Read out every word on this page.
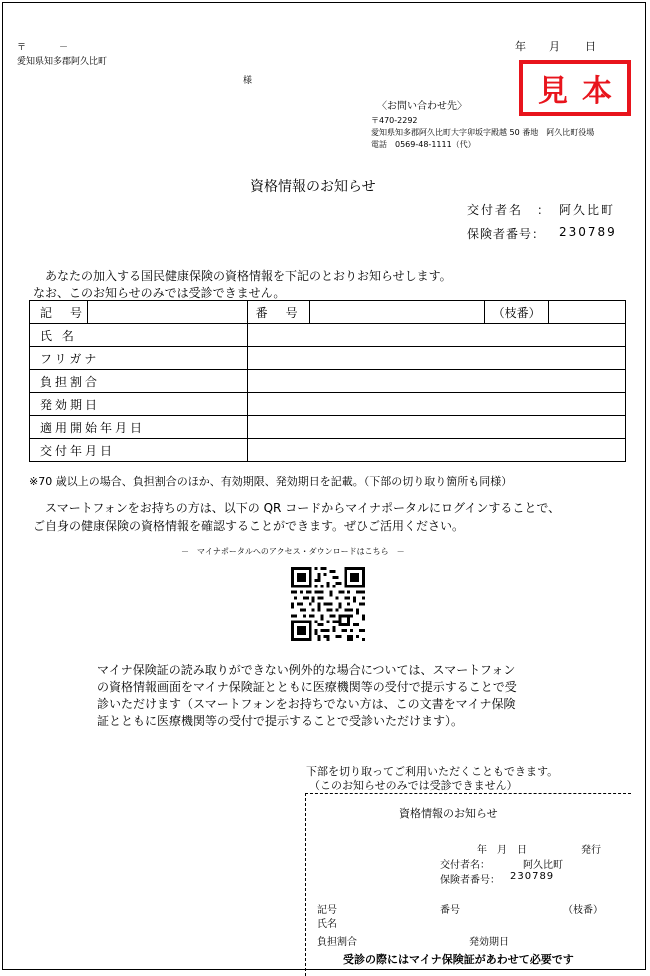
〒	－
愛知県知多郡阿久比町
様
年 月 日
見本
〈お問い合わせ先〉
〒470-2292
愛知県知多郡阿久比町大字卯坂字殿越 50 番地　阿久比町役場
電話 0569-48-1111（代）
資格情報のお知らせ
交付者名 ： 阿久比町
保険者番号： 230789
あなたの加入する国民健康保険の資格情報を下記のとおりお知らせします。
なお、このお知らせのみでは受診できません。
記　号		番　号		（枝番）	
氏 名					
フリガナ					
負担割合					
発効期日					
適用開始年月日					
交付年月日					
※70 歳以上の場合、負担割合のほか、有効期限、発効期日を記載。（下部の切り取り箇所も同様）
スマートフォンをお持ちの方は、以下の QR コードからマイナポータルにログインすることで、
ご自身の健康保険の資格情報を確認することができます。ぜひご活用ください。
－　マイナポータルへのアクセス・ダウンロードはこちら　－
マイナ保険証の読み取りができない例外的な場合については、スマートフォン
の資格情報画面をマイナ保険証とともに医療機関等の受付で提示することで受
診いただけます（スマートフォンをお持ちでない方は、この文書をマイナ保険
証とともに医療機関等の受付で提示することで受診いただけます）。
下部を切り取ってご利用いただくこともできます。
（このお知らせのみでは受診できません）
資格情報のお知らせ
年　月　日	発行
交付者名：	阿久比町
保険者番号： 230789
記号	番号	（枝番）
氏名
負担割合	発効期日
受診の際にはマイナ保険証があわせて必要です
